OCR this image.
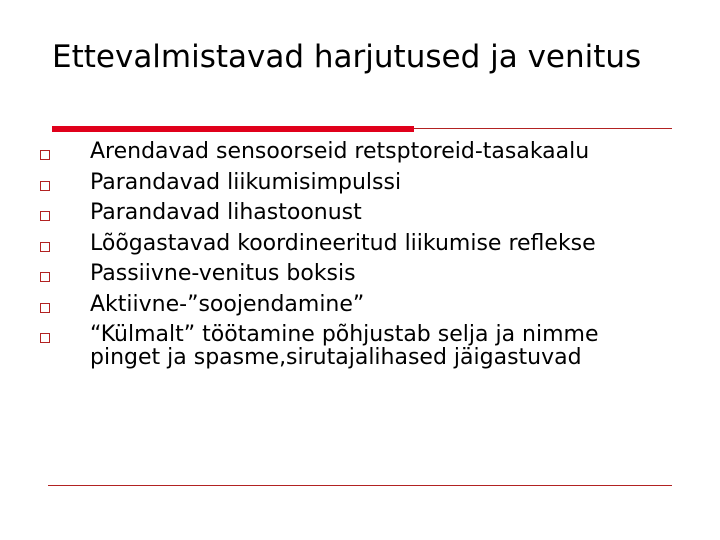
Ettevalmistavad harjutused ja venitus
Arendavad sensoorseid retsptoreid-tasakaalu
Parandavad liikumisimpulssi
Parandavad lihastoonust
Lõõgastavad koordineeritud liikumise reflekse
Passiivne-venitus boksis
Aktiivne-”soojendamine”
“Külmalt” töötamine põhjustab selja ja nimme pinget ja spasme,sirutajalihased jäigastuvad
